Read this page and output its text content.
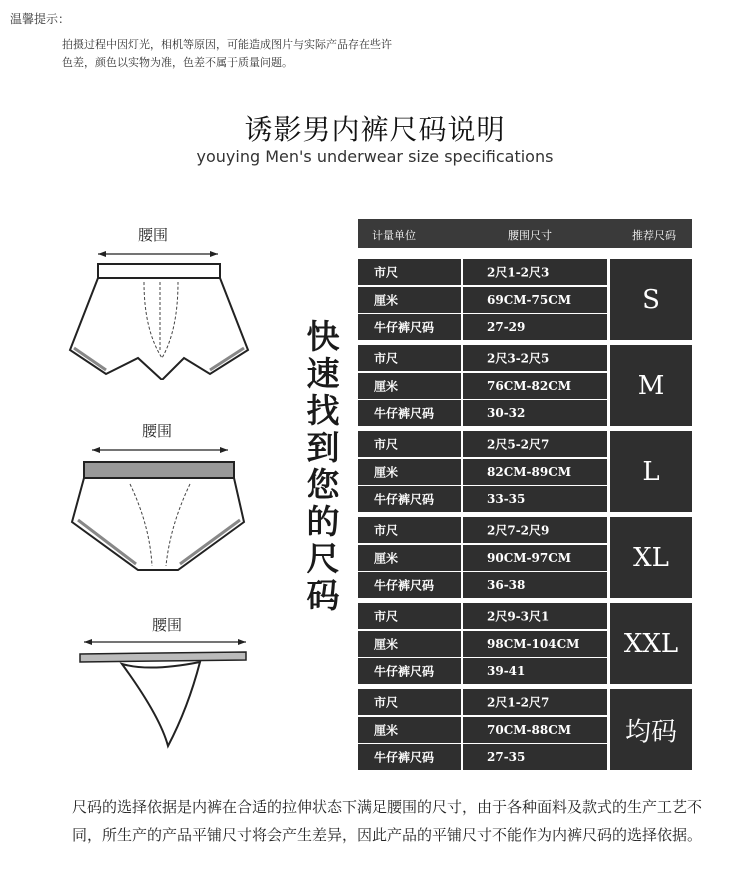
温馨提示：
拍摄过程中因灯光，相机等原因，可能造成图片与实际产品存在些许
色差，颜色以实物为准，色差不属于质量问题。
诱影男内裤尺码说明
youying Men's underwear size specifications
腰围
腰围
腰围
快速找到您的尺码
计量单位	腰围尺寸	推荐尺码
市尺	2尺1-2尺3
厘米	69CM-75CM
牛仔裤尺码	27-29
S
市尺	2尺3-2尺5
厘米	76CM-82CM
牛仔裤尺码	30-32
M
市尺	2尺5-2尺7
厘米	82CM-89CM
牛仔裤尺码	33-35
L
市尺	2尺7-2尺9
厘米	90CM-97CM
牛仔裤尺码	36-38
XL
市尺	2尺9-3尺1
厘米	98CM-104CM
牛仔裤尺码	39-41
XXL
市尺	2尺1-2尺7
厘米	70CM-88CM
牛仔裤尺码	27-35
均码
尺码的选择依据是内裤在合适的拉伸状态下满足腰围的尺寸，由于各种面料及款式的生产工艺不同，所生产的产品平铺尺寸将会产生差异，因此产品的平铺尺寸不能作为内裤尺码的选择依据。
